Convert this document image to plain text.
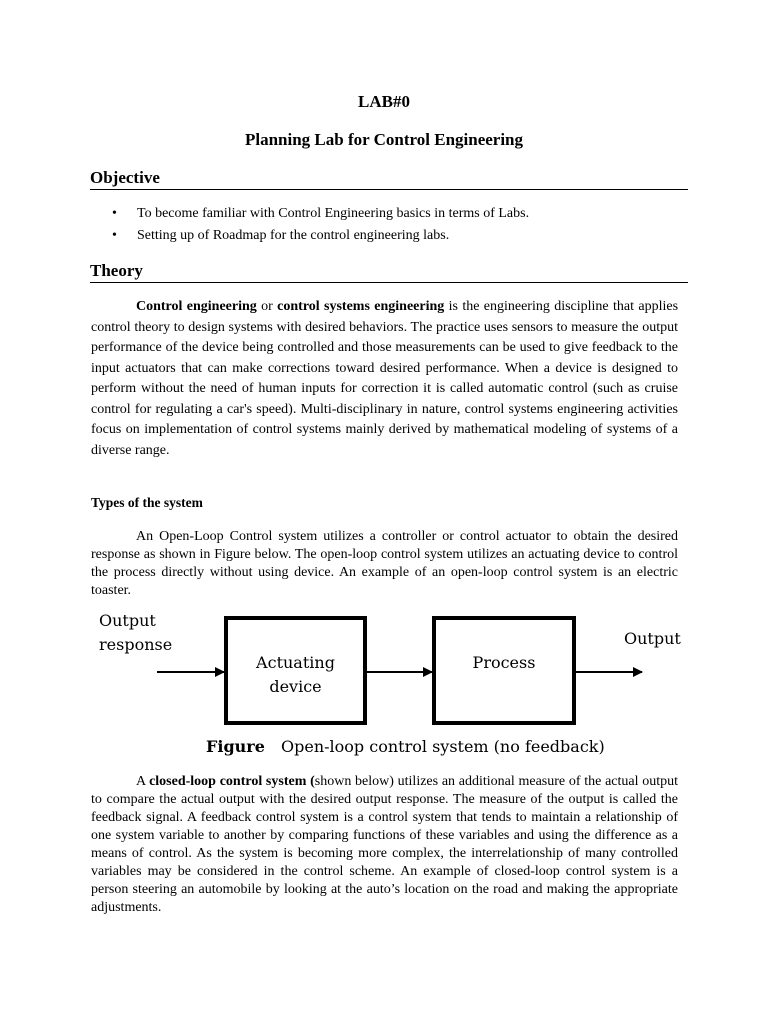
LAB#0
Planning Lab for Control Engineering
Objective
• To become familiar with Control Engineering basics in terms of Labs.
• Setting up of Roadmap for the control engineering labs.
Theory

Control engineering or control systems engineering is the engineering discipline that applies control theory to design systems with desired behaviors. The practice uses sensors to measure the output performance of the device being controlled and those measurements can be used to give feedback to the input actuators that can make corrections toward desired performance. When a device is designed to perform without the need of human inputs for correction it is called automatic control (such as cruise control for regulating a car's speed). Multi-disciplinary in nature, control systems engineering activities focus on implementation of control systems mainly derived by mathematical modeling of systems of a diverse range.

Types of the system

An Open-Loop Control system utilizes a controller or control actuator to obtain the desired response as shown in Figure below. The open-loop control system utilizes an actuating device to control the process directly without using device. An example of an open-loop control system is an electric toaster.

Output
response
Actuating
device
Process
Output
Figure Open-loop control system (no feedback)

A closed-loop control system (shown below) utilizes an additional measure of the actual output to compare the actual output with the desired output response. The measure of the output is called the feedback signal. A feedback control system is a control system that tends to maintain a relationship of one system variable to another by comparing functions of these variables and using the difference as a means of control. As the system is becoming more complex, the interrelationship of many controlled variables may be considered in the control scheme. An example of closed-loop control system is a person steering an automobile by looking at the auto’s location on the road and making the appropriate adjustments.
